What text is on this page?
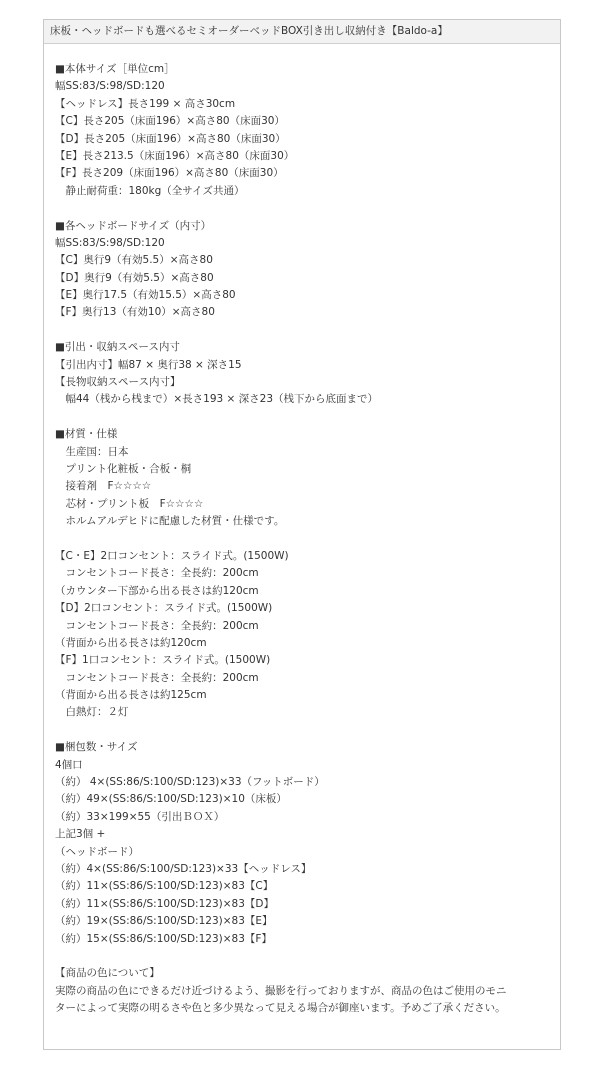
床板・ヘッドボードも選べるセミオーダーベッドBOX引き出し収納付き【Baldo-a】
■本体サイズ［単位cm］
幅SS:83/S:98/SD:120
【ヘッドレス】長さ199 × 高さ30cm
【C】長さ205（床面196）×高さ80（床面30）
【D】長さ205（床面196）×高さ80（床面30）
【E】長さ213.5（床面196）×高さ80（床面30）
【F】長さ209（床面196）×高さ80（床面30）
　静止耐荷重：180kg（全サイズ共通）
■各ヘッドボードサイズ（内寸）
幅SS:83/S:98/SD:120
【C】奥行9（有効5.5）×高さ80
【D】奥行9（有効5.5）×高さ80
【E】奥行17.5（有効15.5）×高さ80
【F】奥行13（有効10）×高さ80
■引出・収納スペース内寸
【引出内寸】幅87 × 奥行38 × 深さ15
【長物収納スペース内寸】
　幅44（桟から桟まで）×長さ193 × 深さ23（桟下から底面まで）
■材質・仕様
　生産国：日本
　プリント化粧板・合板・桐
　接着剤　F☆☆☆☆
　芯材・プリント板　F☆☆☆☆
　ホルムアルデヒドに配慮した材質・仕様です。
【C・E】2口コンセント：スライド式。(1500W)
　コンセントコード長さ：全長約：200cm
（カウンター下部から出る長さは約120cm
【D】2口コンセント：スライド式。(1500W)
　コンセントコード長さ：全長約：200cm
（背面から出る長さは約120cm
【F】1口コンセント：スライド式。(1500W)
　コンセントコード長さ：全長約：200cm
（背面から出る長さは約125cm
　白熱灯：２灯
■梱包数・サイズ
4個口
（約） 4×(SS:86/S:100/SD:123)×33（フットボード）
（約）49×(SS:86/S:100/SD:123)×10（床板）
（約）33×199×55（引出ＢＯＸ）
上記3個 +
（ヘッドボード）
（約）4×(SS:86/S:100/SD:123)×33【ヘッドレス】
（約）11×(SS:86/S:100/SD:123)×83【C】
（約）11×(SS:86/S:100/SD:123)×83【D】
（約）19×(SS:86/S:100/SD:123)×83【E】
（約）15×(SS:86/S:100/SD:123)×83【F】
【商品の色について】
実際の商品の色にできるだけ近づけるよう、撮影を行っておりますが、商品の色はご使用のモニ
ターによって実際の明るさや色と多少異なって見える場合が御座います。予めご了承ください。
